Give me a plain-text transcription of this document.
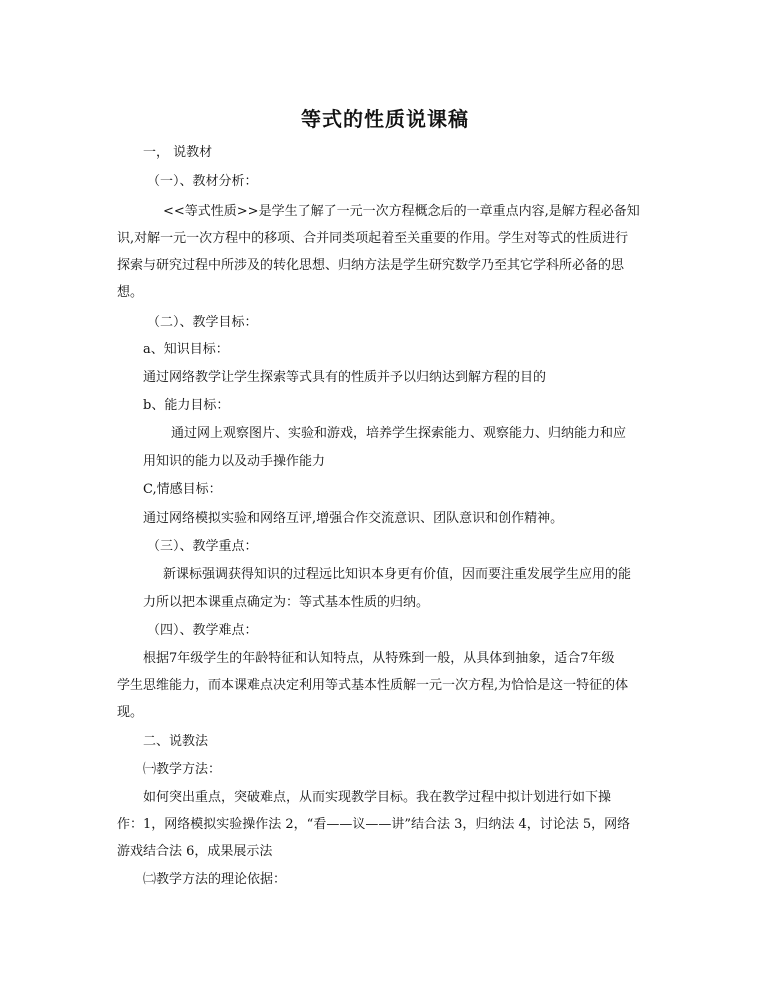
等式的性质说课稿
一， 说教材
（一）、教材分析：
<<等式性质>>是学生了解了一元一次方程概念后的一章重点内容,是解方程必备知
识,对解一元一次方程中的移项、合并同类项起着至关重要的作用。学生对等式的性质进行
探索与研究过程中所涉及的转化思想、归纳方法是学生研究数学乃至其它学科所必备的思
想。
（二）、教学目标：
a、知识目标：
通过网络教学让学生探索等式具有的性质并予以归纳达到解方程的目的
b、能力目标：
通过网上观察图片、实验和游戏，培养学生探索能力、观察能力、归纳能力和应
用知识的能力以及动手操作能力
C,情感目标：
通过网络模拟实验和网络互评,增强合作交流意识、团队意识和创作精神。
（三）、教学重点：
新课标强调获得知识的过程远比知识本身更有价值，因而要注重发展学生应用的能
力所以把本课重点确定为：等式基本性质的归纳。
（四）、教学难点：
根据7年级学生的年龄特征和认知特点，从特殊到一般，从具体到抽象，适合7年级
学生思维能力，而本课难点决定利用等式基本性质解一元一次方程,为恰恰是这一特征的体
现。
二、说教法
㈠教学方法：
如何突出重点，突破难点，从而实现教学目标。我在教学过程中拟计划进行如下操
作：1，网络模拟实验操作法 2，“看——议——讲”结合法 3，归纳法 4，讨论法 5，网络
游戏结合法 6，成果展示法
㈡教学方法的理论依据：
